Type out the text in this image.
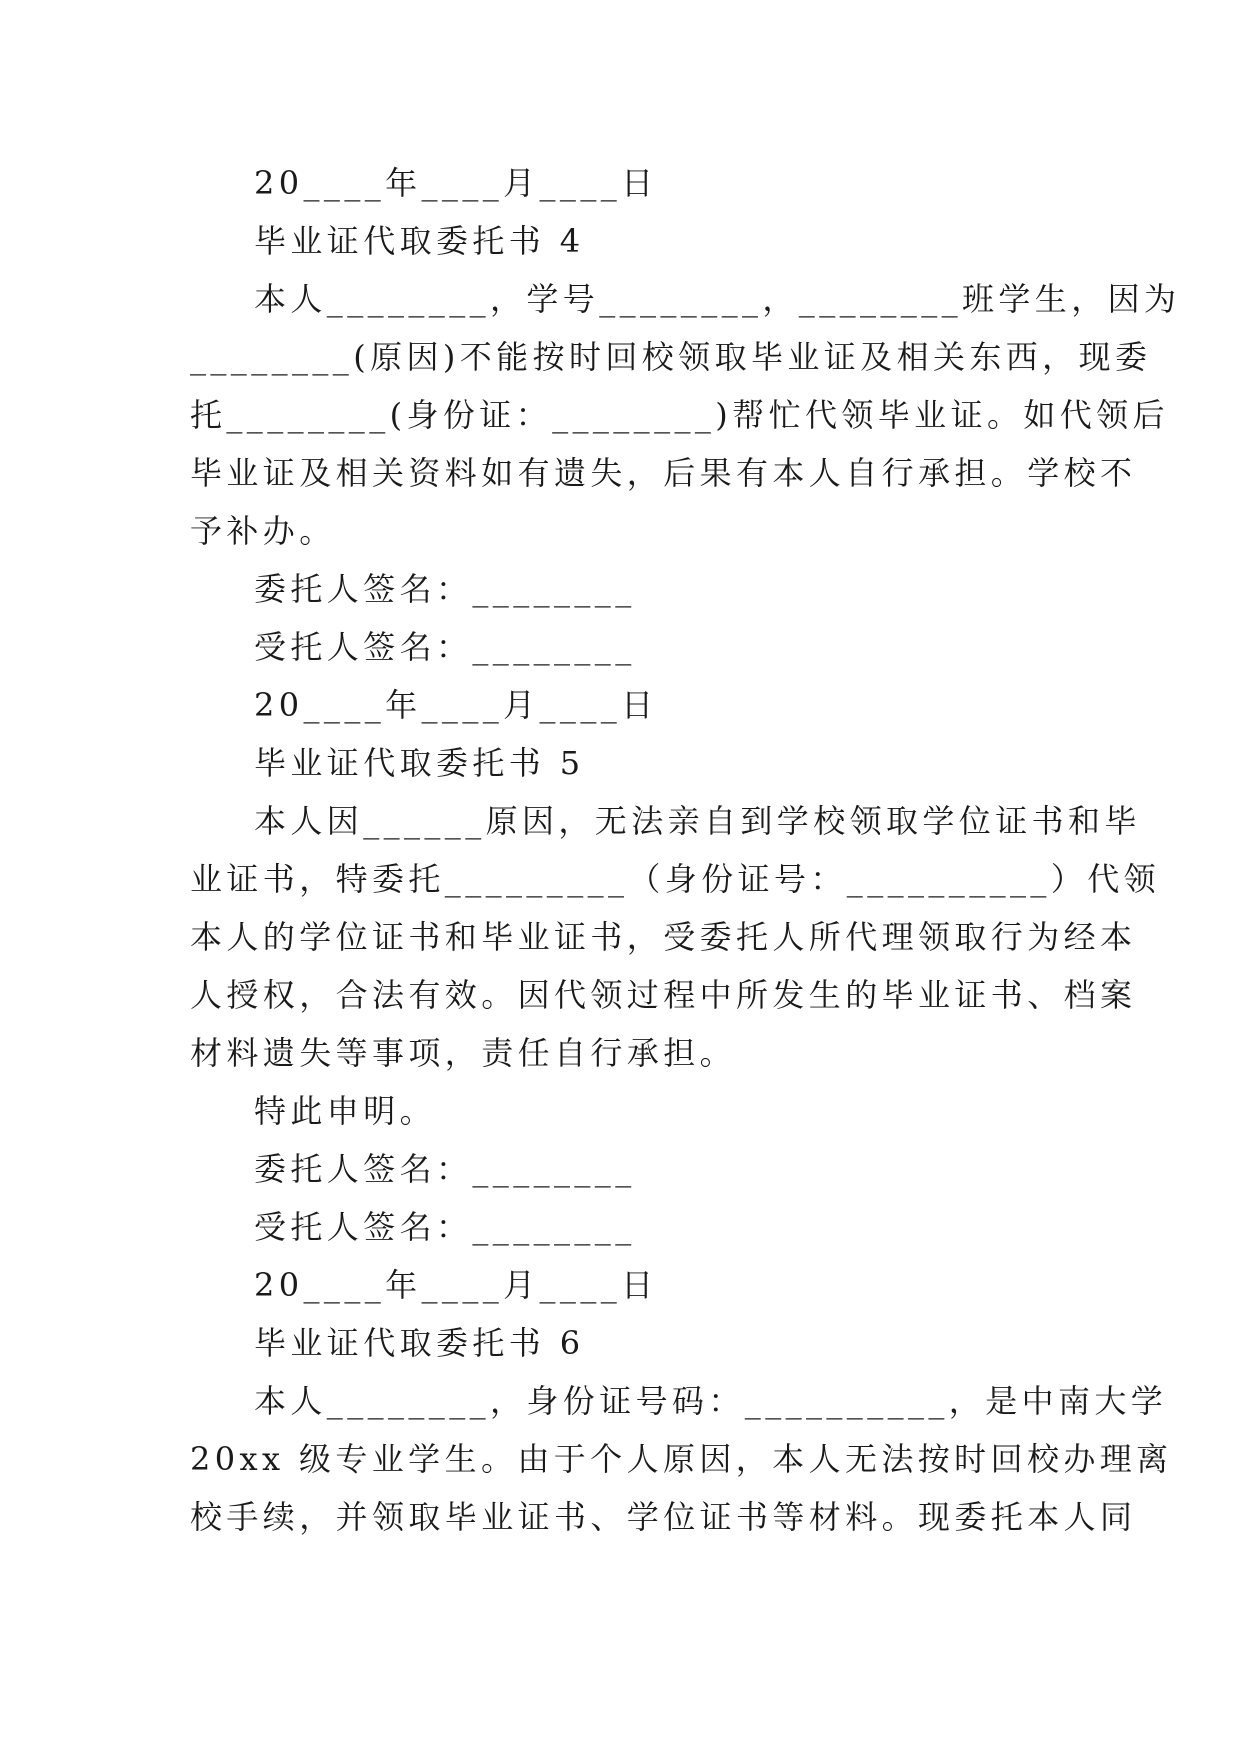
20____年____月____日
毕业证代取委托书 4
本人________，学号________，________班学生，因为
________(原因)不能按时回校领取毕业证及相关东西，现委
托________(身份证：________)帮忙代领毕业证。如代领后
毕业证及相关资料如有遗失，后果有本人自行承担。学校不
予补办。
委托人签名：________
受托人签名：________
20____年____月____日
毕业证代取委托书 5
本人因______原因，无法亲自到学校领取学位证书和毕
业证书，特委托_________（身份证号：__________）代领
本人的学位证书和毕业证书，受委托人所代理领取行为经本
人授权，合法有效。因代领过程中所发生的毕业证书、档案
材料遗失等事项，责任自行承担。
特此申明。
委托人签名：________
受托人签名：________
20____年____月____日
毕业证代取委托书 6
本人________，身份证号码：__________，是中南大学
20xx 级专业学生。由于个人原因，本人无法按时回校办理离
校手续，并领取毕业证书、学位证书等材料。现委托本人同
